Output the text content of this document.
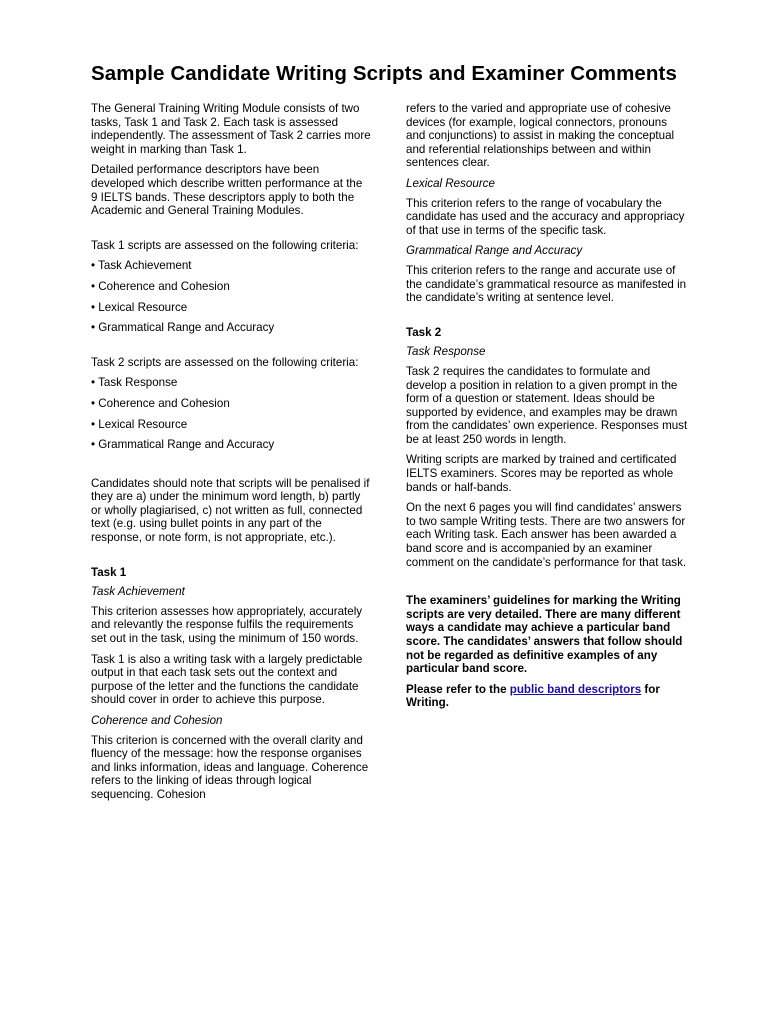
Sample Candidate Writing Scripts and Examiner Comments

The General Training Writing Module consists of two tasks, Task 1 and Task 2. Each task is assessed independently. The assessment of Task 2 carries more weight in marking than Task 1.

Detailed performance descriptors have been developed which describe written performance at the 9 IELTS bands. These descriptors apply to both the Academic and General Training Modules.

Task 1 scripts are assessed on the following criteria:

• Task Achievement
• Coherence and Cohesion
• Lexical Resource
• Grammatical Range and Accuracy

Task 2 scripts are assessed on the following criteria:

• Task Response
• Coherence and Cohesion
• Lexical Resource
• Grammatical Range and Accuracy

Candidates should note that scripts will be penalised if they are a) under the minimum word length, b) partly or wholly plagiarised, c) not written as full, connected text (e.g. using bullet points in any part of the response, or note form, is not appropriate, etc.).

Task 1
Task Achievement

This criterion assesses how appropriately, accurately and relevantly the response fulfils the requirements set out in the task, using the minimum of 150 words.

Task 1 is also a writing task with a largely predictable output in that each task sets out the context and purpose of the letter and the functions the candidate should cover in order to achieve this purpose.

Coherence and Cohesion

This criterion is concerned with the overall clarity and fluency of the message: how the response organises and links information, ideas and language. Coherence refers to the linking of ideas through logical sequencing. Cohesion

refers to the varied and appropriate use of cohesive devices (for example, logical connectors, pronouns and conjunctions) to assist in making the conceptual and referential relationships between and within sentences clear.

Lexical Resource

This criterion refers to the range of vocabulary the candidate has used and the accuracy and appropriacy of that use in terms of the specific task.

Grammatical Range and Accuracy

This criterion refers to the range and accurate use of the candidate’s grammatical resource as manifested in the candidate’s writing at sentence level.

Task 2
Task Response

Task 2 requires the candidates to formulate and develop a position in relation to a given prompt in the form of a question or statement. Ideas should be supported by evidence, and examples may be drawn from the candidates’ own experience. Responses must be at least 250 words in length.

Writing scripts are marked by trained and certificated IELTS examiners. Scores may be reported as whole bands or half-bands.

On the next 6 pages you will find candidates’ answers to two sample Writing tests. There are two answers for each Writing task. Each answer has been awarded a band score and is accompanied by an examiner comment on the candidate’s performance for that task.

The examiners’ guidelines for marking the Writing scripts are very detailed. There are many different ways a candidate may achieve a particular band score. The candidates’ answers that follow should not be regarded as definitive examples of any particular band score.

Please refer to the public band descriptors for Writing.
